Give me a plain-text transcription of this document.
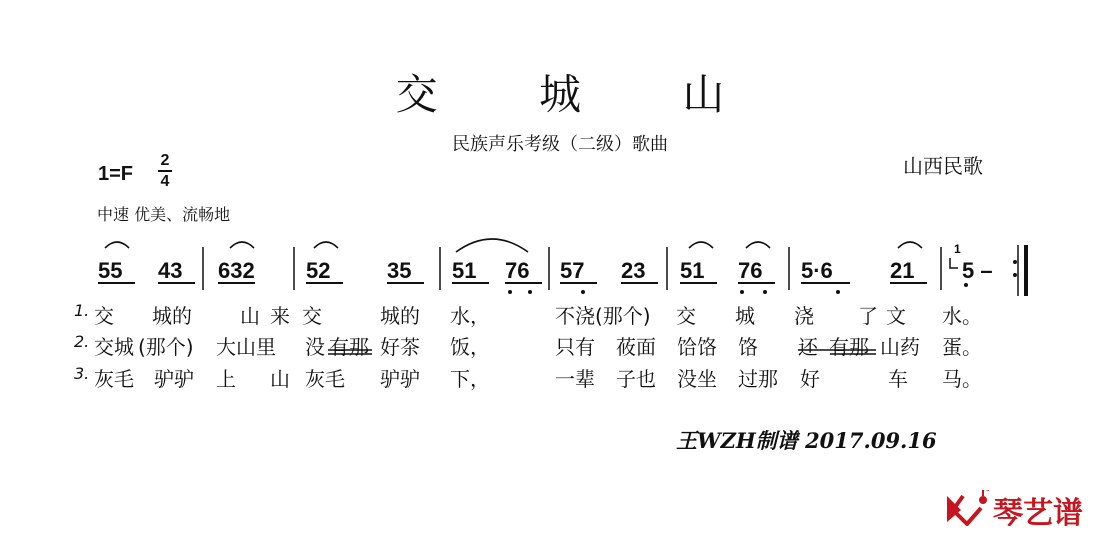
交 城 山
民族声乐考级（二级）歌曲
山西民歌
1=F
2
4
中速 优美、流畅地
55 43 632 52	35 51 76 57 23 51 76 5·6	21 5 –
1
1.
2.
3.
交 城的 山 来 交	城的 水，	不浇(那个) 交 城 浇 了 文 水。
交城 (那个) 大山里 没 有那 好茶 饭，	只有 莜面 饸饹 饹 还 有那 山药 蛋。
灰毛 驴驴 上 山 灰毛 驴驴 下，	一辈 子也 没坐 过那 好	车 马。
王WZH制谱 2017.09.16
琴艺谱
